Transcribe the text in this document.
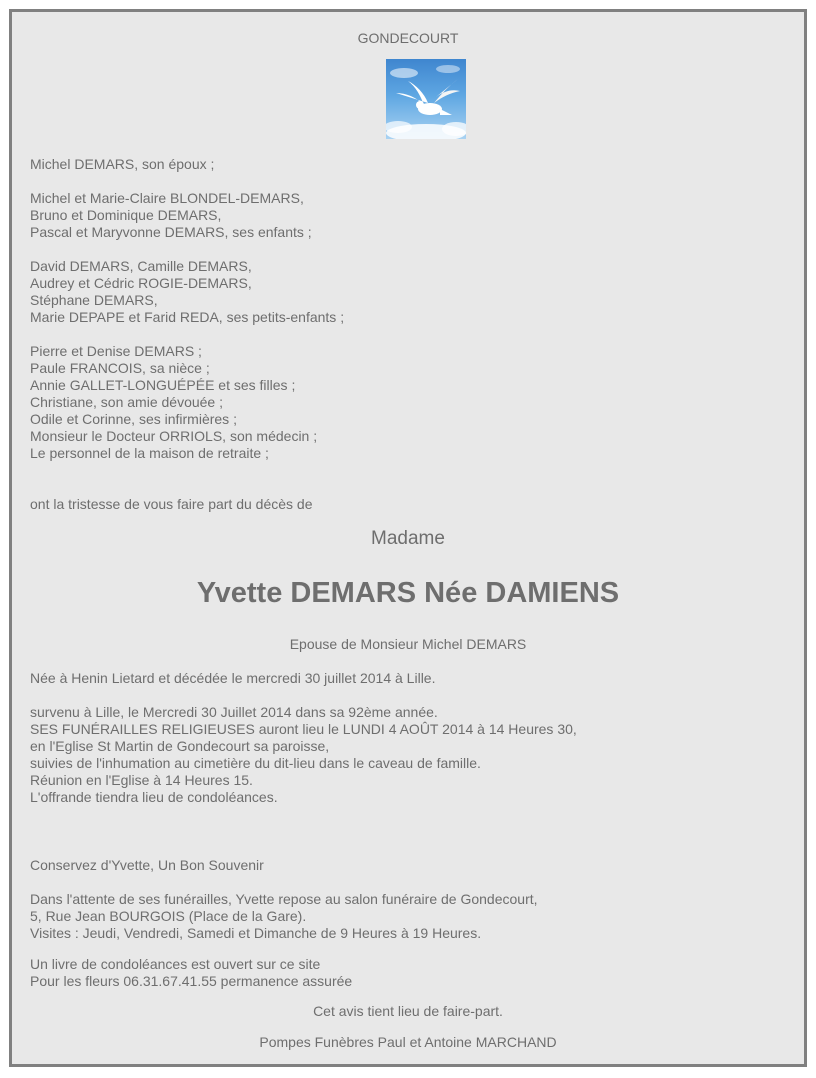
GONDECOURT
Michel DEMARS, son époux ;
Michel et Marie-Claire BLONDEL-DEMARS,
Bruno et Dominique DEMARS,
Pascal et Maryvonne DEMARS, ses enfants ;
David DEMARS, Camille DEMARS,
Audrey et Cédric ROGIE-DEMARS,
Stéphane DEMARS,
Marie DEPAPE et Farid REDA, ses petits-enfants ;
Pierre et Denise DEMARS ;
Paule FRANCOIS, sa nièce ;
Annie GALLET-LONGUÉPÉE et ses filles ;
Christiane, son amie dévouée ;
Odile et Corinne, ses infirmières ;
Monsieur le Docteur ORRIOLS, son médecin ;
Le personnel de la maison de retraite ;
ont la tristesse de vous faire part du décès de
Madame
Yvette DEMARS Née DAMIENS
Epouse de Monsieur Michel DEMARS
Née à Henin Lietard et décédée le mercredi 30 juillet 2014 à Lille.
survenu à Lille, le Mercredi 30 Juillet 2014 dans sa 92ème année.
SES FUNÉRAILLES RELIGIEUSES auront lieu le LUNDI 4 AOÛT 2014 à 14 Heures 30,
en l'Eglise St Martin de Gondecourt sa paroisse,
suivies de l'inhumation au cimetière du dit-lieu dans le caveau de famille.
Réunion en l'Eglise à 14 Heures 15.
L'offrande tiendra lieu de condoléances.
Conservez d'Yvette, Un Bon Souvenir
Dans l'attente de ses funérailles, Yvette repose au salon funéraire de Gondecourt,
5, Rue Jean BOURGOIS (Place de la Gare).
Visites : Jeudi, Vendredi, Samedi et Dimanche de 9 Heures à 19 Heures.
Un livre de condoléances est ouvert sur ce site
Pour les fleurs 06.31.67.41.55 permanence assurée
Cet avis tient lieu de faire-part.
Pompes Funèbres Paul et Antoine MARCHAND
